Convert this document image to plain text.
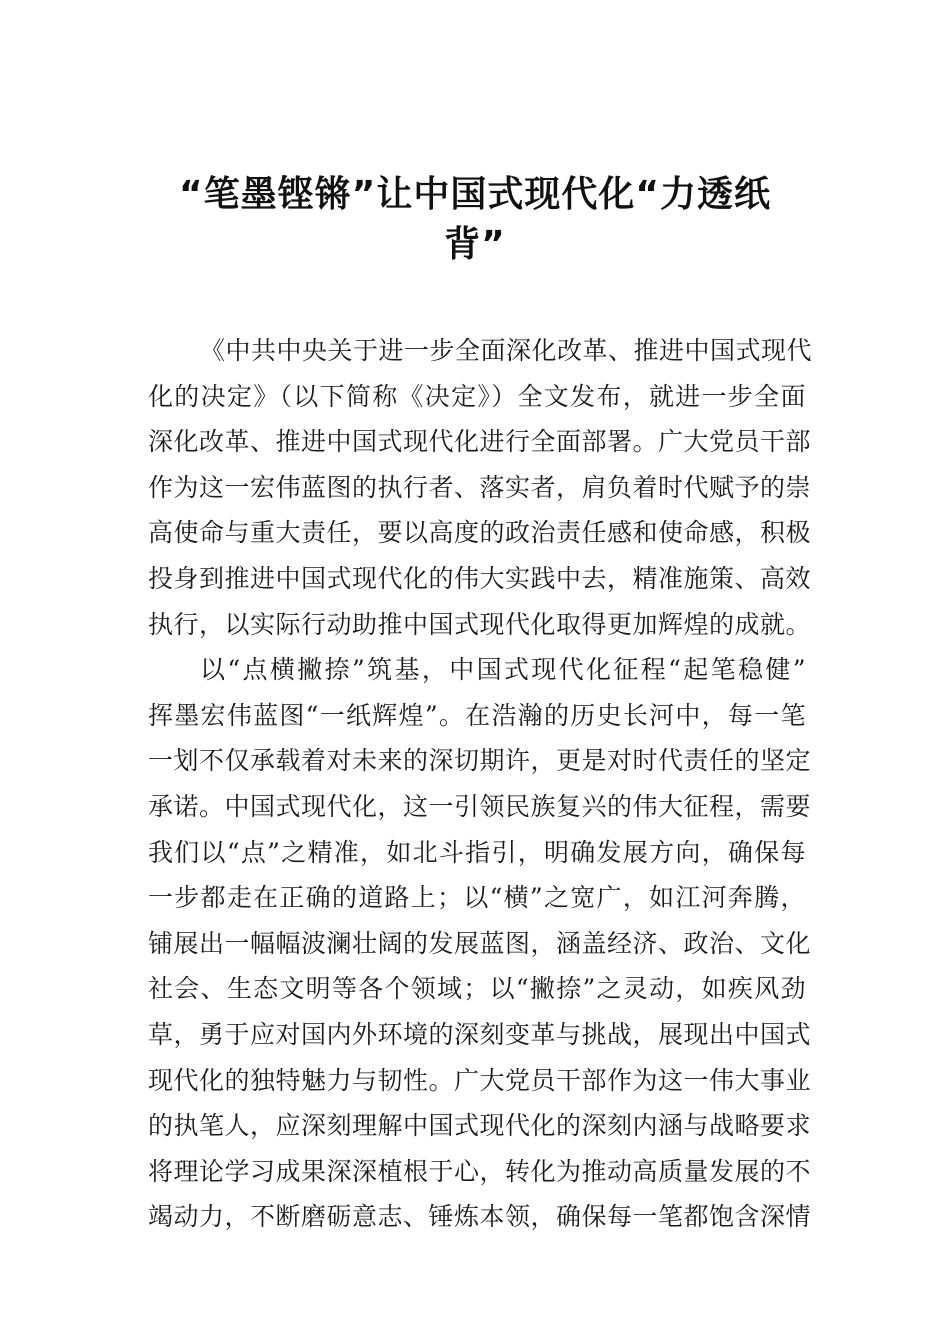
“笔墨铿锵”让中国式现代化“力透纸
背”
《中共中央关于进一步全面深化改革、推进中国式现代
化的决定》（以下简称《决定》）全文发布，就进一步全面
深化改革、推进中国式现代化进行全面部署。广大党员干部
作为这一宏伟蓝图的执行者、落实者，肩负着时代赋予的崇
高使命与重大责任，要以高度的政治责任感和使命感，积极
投身到推进中国式现代化的伟大实践中去，精准施策、高效
执行，以实际行动助推中国式现代化取得更加辉煌的成就。
以“点横撇捺”筑基，中国式现代化征程“起笔稳健”
挥墨宏伟蓝图“一纸辉煌”。在浩瀚的历史长河中，每一笔
一划不仅承载着对未来的深切期许，更是对时代责任的坚定
承诺。中国式现代化，这一引领民族复兴的伟大征程，需要
我们以“点”之精准，如北斗指引，明确发展方向，确保每
一步都走在正确的道路上；以“横”之宽广，如江河奔腾，
铺展出一幅幅波澜壮阔的发展蓝图，涵盖经济、政治、文化
社会、生态文明等各个领域；以“撇捺”之灵动，如疾风劲
草，勇于应对国内外环境的深刻变革与挑战，展现出中国式
现代化的独特魅力与韧性。广大党员干部作为这一伟大事业
的执笔人，应深刻理解中国式现代化的深刻内涵与战略要求
将理论学习成果深深植根于心，转化为推动高质量发展的不
竭动力，不断磨砺意志、锤炼本领，确保每一笔都饱含深情
